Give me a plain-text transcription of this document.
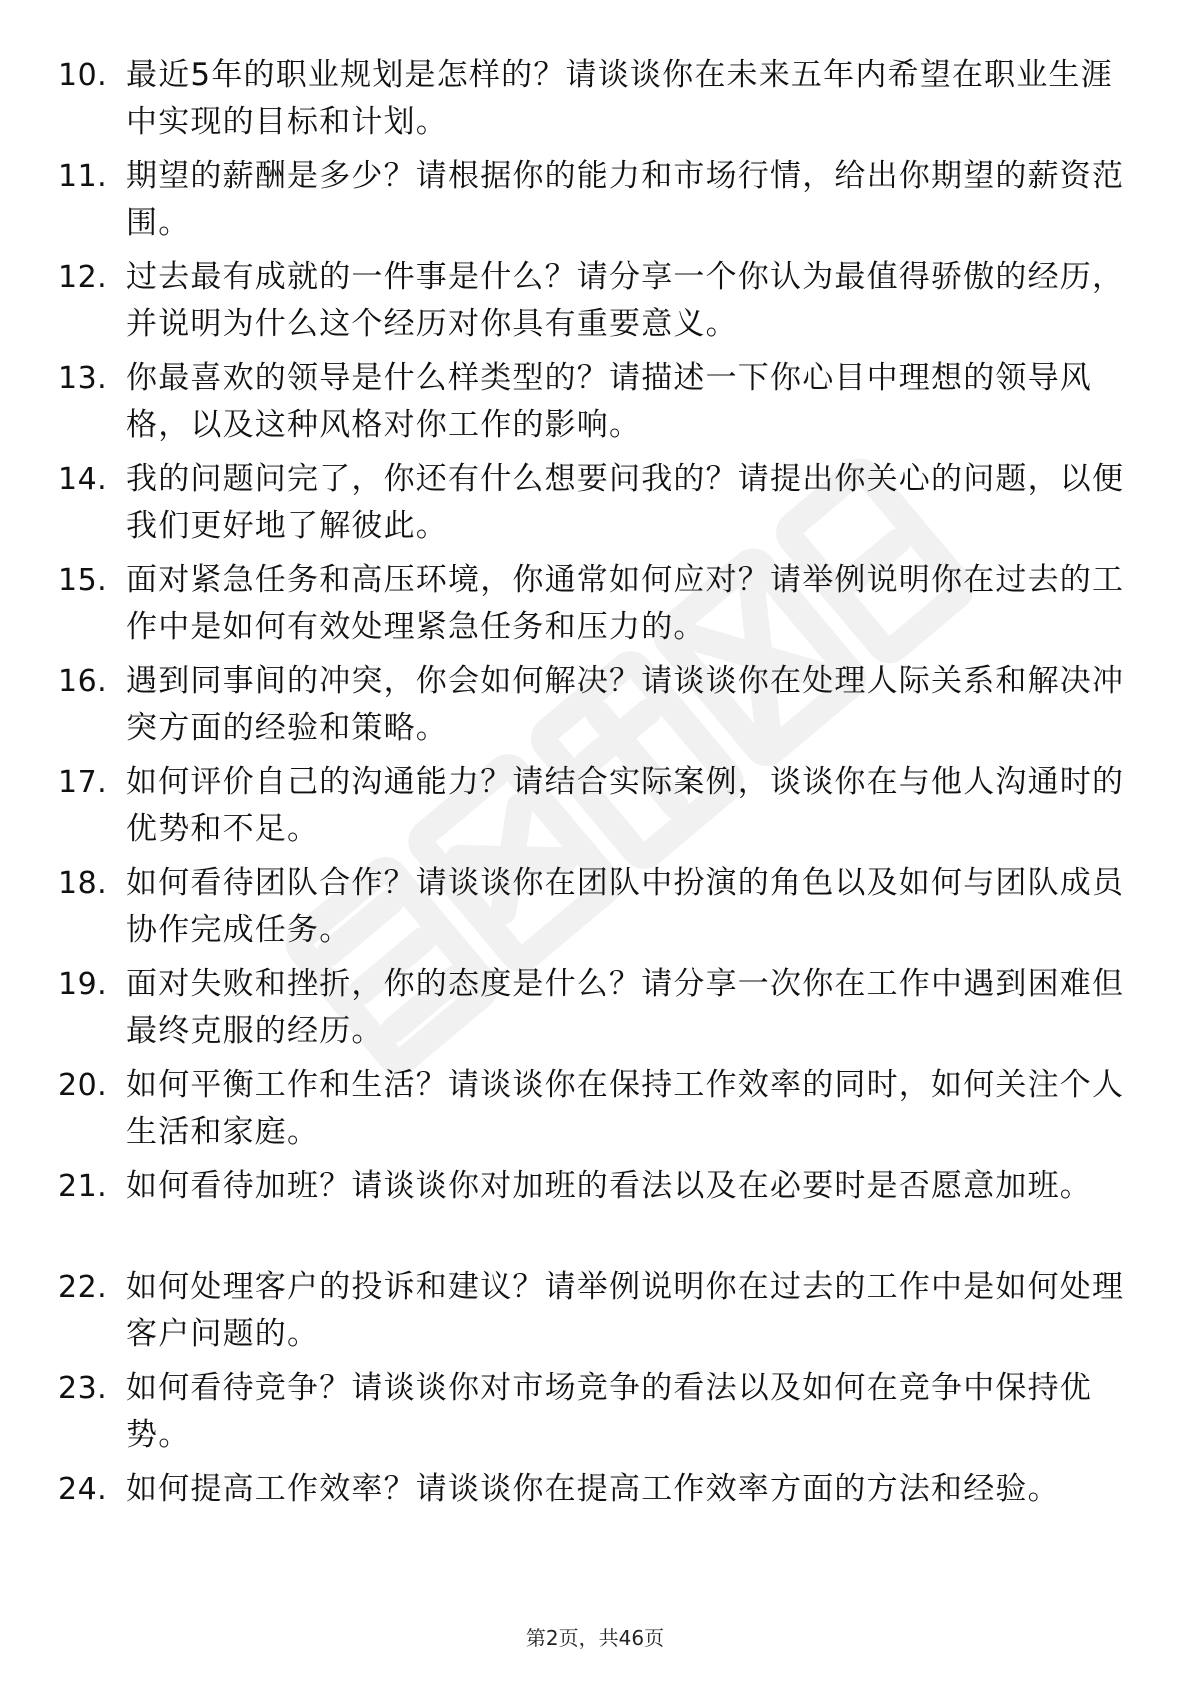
10. 最近5年的职业规划是怎样的？请谈谈你在未来五年内希望在职业生涯中实现的目标和计划。
11. 期望的薪酬是多少？请根据你的能力和市场行情，给出你期望的薪资范围。
12. 过去最有成就的一件事是什么？请分享一个你认为最值得骄傲的经历，并说明为什么这个经历对你具有重要意义。
13. 你最喜欢的领导是什么样类型的？请描述一下你心目中理想的领导风格，以及这种风格对你工作的影响。
14. 我的问题问完了，你还有什么想要问我的？请提出你关心的问题，以便我们更好地了解彼此。
15. 面对紧急任务和高压环境，你通常如何应对？请举例说明你在过去的工作中是如何有效处理紧急任务和压力的。
16. 遇到同事间的冲突，你会如何解决？请谈谈你在处理人际关系和解决冲突方面的经验和策略。
17. 如何评价自己的沟通能力？请结合实际案例，谈谈你在与他人沟通时的优势和不足。
18. 如何看待团队合作？请谈谈你在团队中扮演的角色以及如何与团队成员协作完成任务。
19. 面对失败和挫折，你的态度是什么？请分享一次你在工作中遇到困难但最终克服的经历。
20. 如何平衡工作和生活？请谈谈你在保持工作效率的同时，如何关注个人生活和家庭。
21. 如何看待加班？请谈谈你对加班的看法以及在必要时是否愿意加班。
22. 如何处理客户的投诉和建议？请举例说明你在过去的工作中是如何处理客户问题的。
23. 如何看待竞争？请谈谈你对市场竞争的看法以及如何在竞争中保持优势。
24. 如何提高工作效率？请谈谈你在提高工作效率方面的方法和经验。
第2页，共46页
